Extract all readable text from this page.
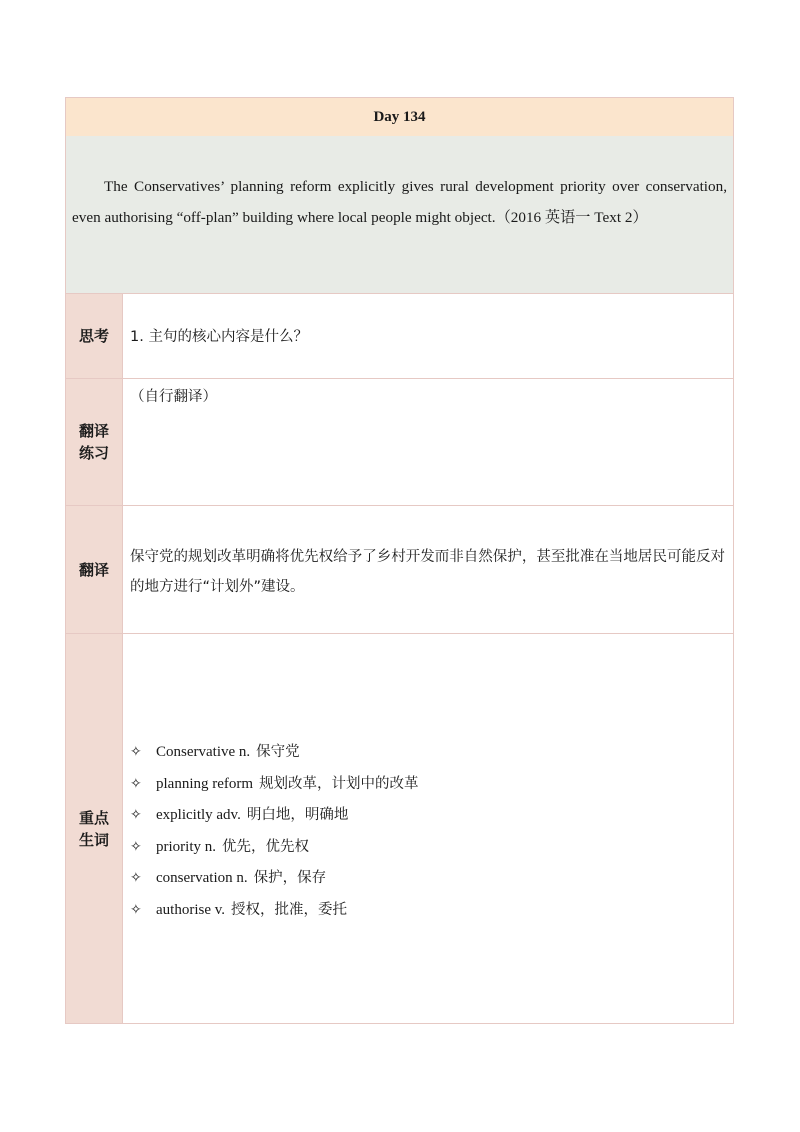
Day 134

The Conservatives’ planning reform explicitly gives rural development priority over conservation, even authorising “off-plan” building where local people might object.（2016 英语一 Text 2）

思考 1. 主句的核心内容是什么？
翻译练习
（自行翻译）
翻译

保守党的规划改革明确将优先权给予了乡村开发而非自然保护，甚至批准在当地居民可能反对的地方进行“计划外”建设。

重点生词
✧ Conservative n. 保守党
✧ planning reform 规划改革，计划中的改革
✧ explicitly adv. 明白地，明确地
✧ priority n. 优先，优先权
✧ conservation n. 保护，保存
✧ authorise v. 授权，批准，委托
